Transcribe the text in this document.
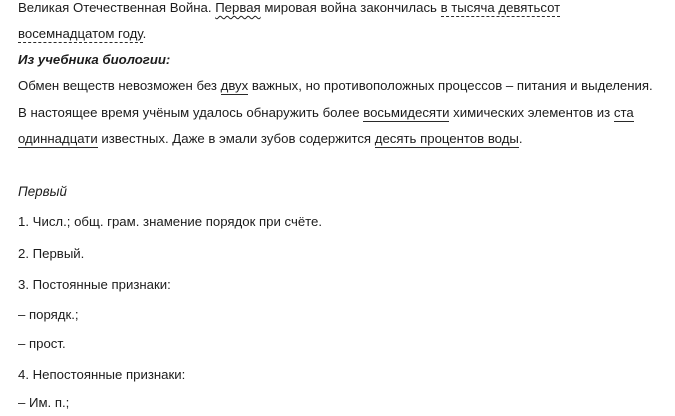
Великая Отечественная Война. Первая мировая война закончилась в тысяча девятьсот
восемнадцатом году.
Из учебника биологии:
Обмен веществ невозможен без двух важных, но противоположных процессов – питания и выделения. В настоящее время учёным удалось обнаружить более восьмидесяти химических элементов из ста одиннадцати известных. Даже в эмали зубов содержится десять процентов воды.
Первый
1. Числ.; общ. грам. знамение порядок при счёте.
2. Первый.
3. Постоянные признаки:
– порядк.;
– прост.
4. Непостоянные признаки:
– Им. п.;
